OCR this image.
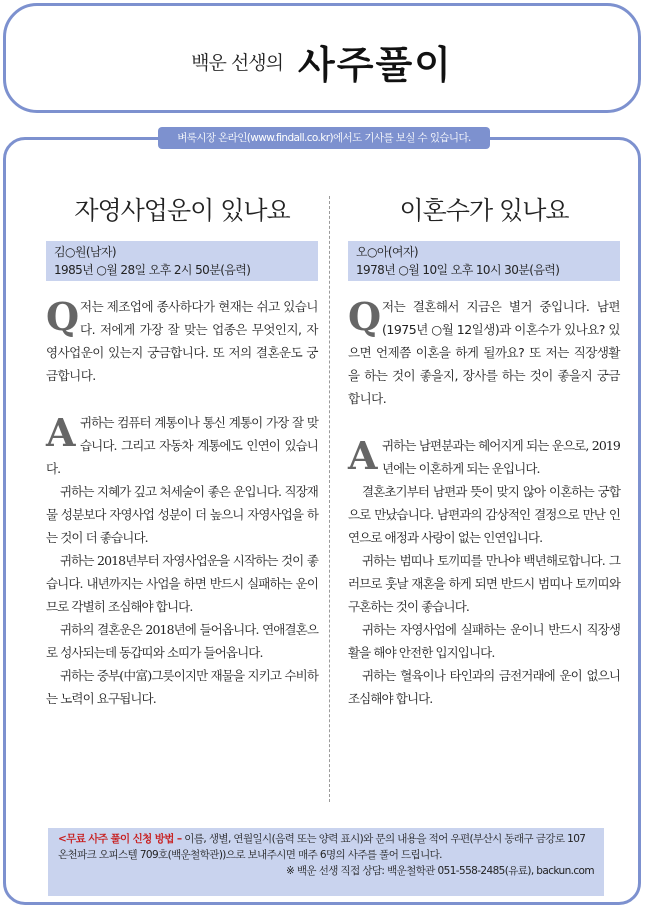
백운 선생의 사주풀이
벼룩시장 온라인(www.findall.co.kr)에서도 기사를 보실 수 있습니다.
자영사업운이 있나요
김○원(남자)
1985년 ○월 28일 오후 2시 50분(음력)
Q 저는 제조업에 종사하다가 현재는 쉬고 있습니다. 저에게 가장 잘 맞는 업종은 무엇인지, 자영사업운이 있는지 궁금합니다. 또 저의 결혼운도 궁금합니다.

A 귀하는 컴퓨터 계통이나 통신 계통이 가장 잘 맞습니다. 그리고 자동차 계통에도 인연이 있습니다.

귀하는 지혜가 깊고 처세술이 좋은 운입니다. 직장재물 성분보다 자영사업 성분이 더 높으니 자영사업을 하는 것이 더 좋습니다.

귀하는 2018년부터 자영사업운을 시작하는 것이 좋습니다. 내년까지는 사업을 하면 반드시 실패하는 운이므로 각별히 조심해야 합니다.

귀하의 결혼운은 2018년에 들어옵니다. 연애결혼으로 성사되는데 동갑띠와 소띠가 들어옵니다.

귀하는 중부(中富)그릇이지만 재물을 지키고 수비하는 노력이 요구됩니다.

이혼수가 있나요
오○아(여자)
1978년 ○월 10일 오후 10시 30분(음력)
Q 저는 결혼해서 지금은 별거 중입니다. 남편(1975년 ○월 12일생)과 이혼수가 있나요? 있으면 언제쯤 이혼을 하게 될까요? 또 저는 직장생활을 하는 것이 좋을지, 장사를 하는 것이 좋을지 궁금합니다.

A 귀하는 남편분과는 헤어지게 되는 운으로, 2019년에는 이혼하게 되는 운입니다.

결혼초기부터 남편과 뜻이 맞지 않아 이혼하는 궁합으로 만났습니다. 남편과의 감상적인 결정으로 만난 인연으로 애정과 사랑이 없는 인연입니다.

귀하는 범띠나 토끼띠를 만나야 백년해로합니다. 그러므로 훗날 재혼을 하게 되면 반드시 범띠나 토끼띠와 구혼하는 것이 좋습니다.

귀하는 자영사업에 실패하는 운이니 반드시 직장생활을 해야 안전한 입지입니다.

귀하는 혈육이나 타인과의 금전거래에 운이 없으니 조심해야 합니다.

<무료 사주 풀이 신청 방법 – 이름, 생별, 연월일시(음력 또는 양력 표시)와 문의 내용을 적어 우편(부산시 동래구 금강로 107 온천파크 오피스텔 709호(백운철학관))으로 보내주시면 매주 6명의 사주를 풀어 드립니다.

※ 백운 선생 직접 상담: 백운철학관 051-558-2485(유료), backun.com
